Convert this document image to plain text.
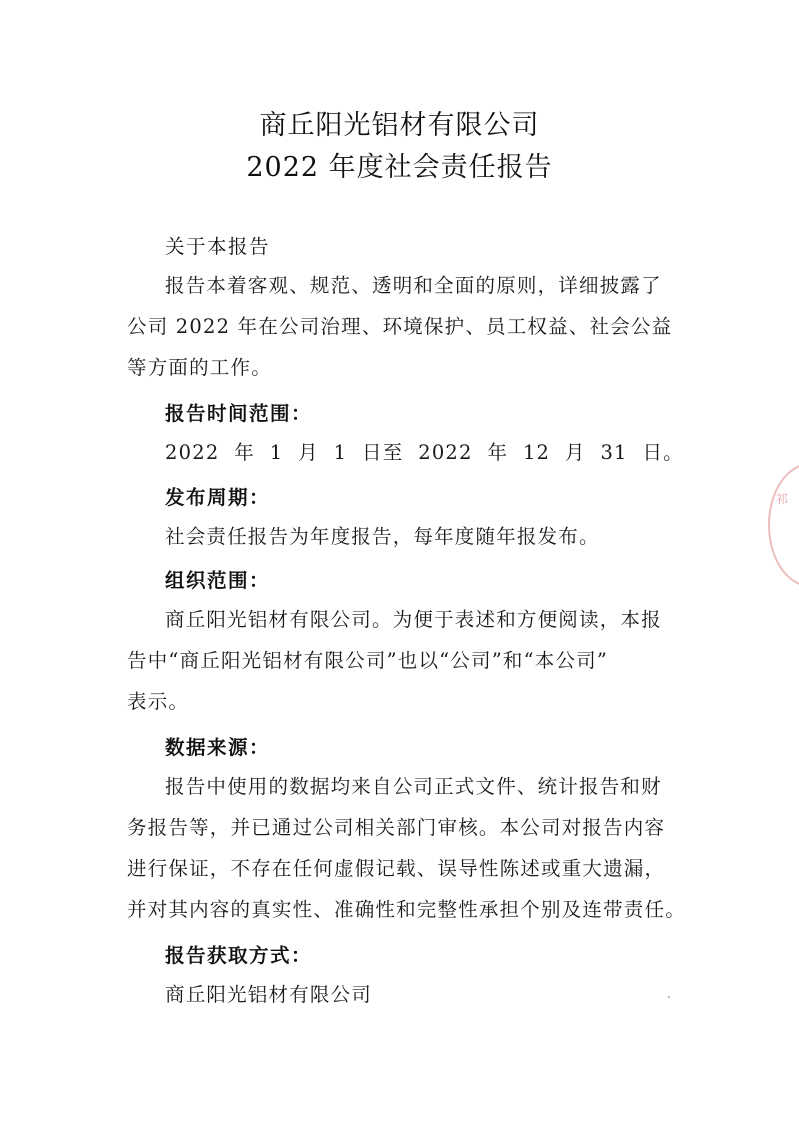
商丘阳光铝材有限公司
2022 年度社会责任报告
关于本报告
报告本着客观、规范、透明和全面的原则，详细披露了
公司 2022 年在公司治理、环境保护、员工权益、社会公益
等方面的工作。
报告时间范围：
2022  年  1  月  1  日至  2022  年  12  月  31  日。
发布周期：
社会责任报告为年度报告，每年度随年报发布。
组织范围：
商丘阳光铝材有限公司。为便于表述和方便阅读，本报
告中“商丘阳光铝材有限公司”也以“公司”和“本公司”
表示。
数据来源：
报告中使用的数据均来自公司正式文件、统计报告和财
务报告等，并已通过公司相关部门审核。本公司对报告内容
进行保证，不存在任何虚假记载、误导性陈述或重大遗漏，
并对其内容的真实性、准确性和完整性承担个别及连带责任。
报告获取方式：
商丘阳光铝材有限公司
祁
